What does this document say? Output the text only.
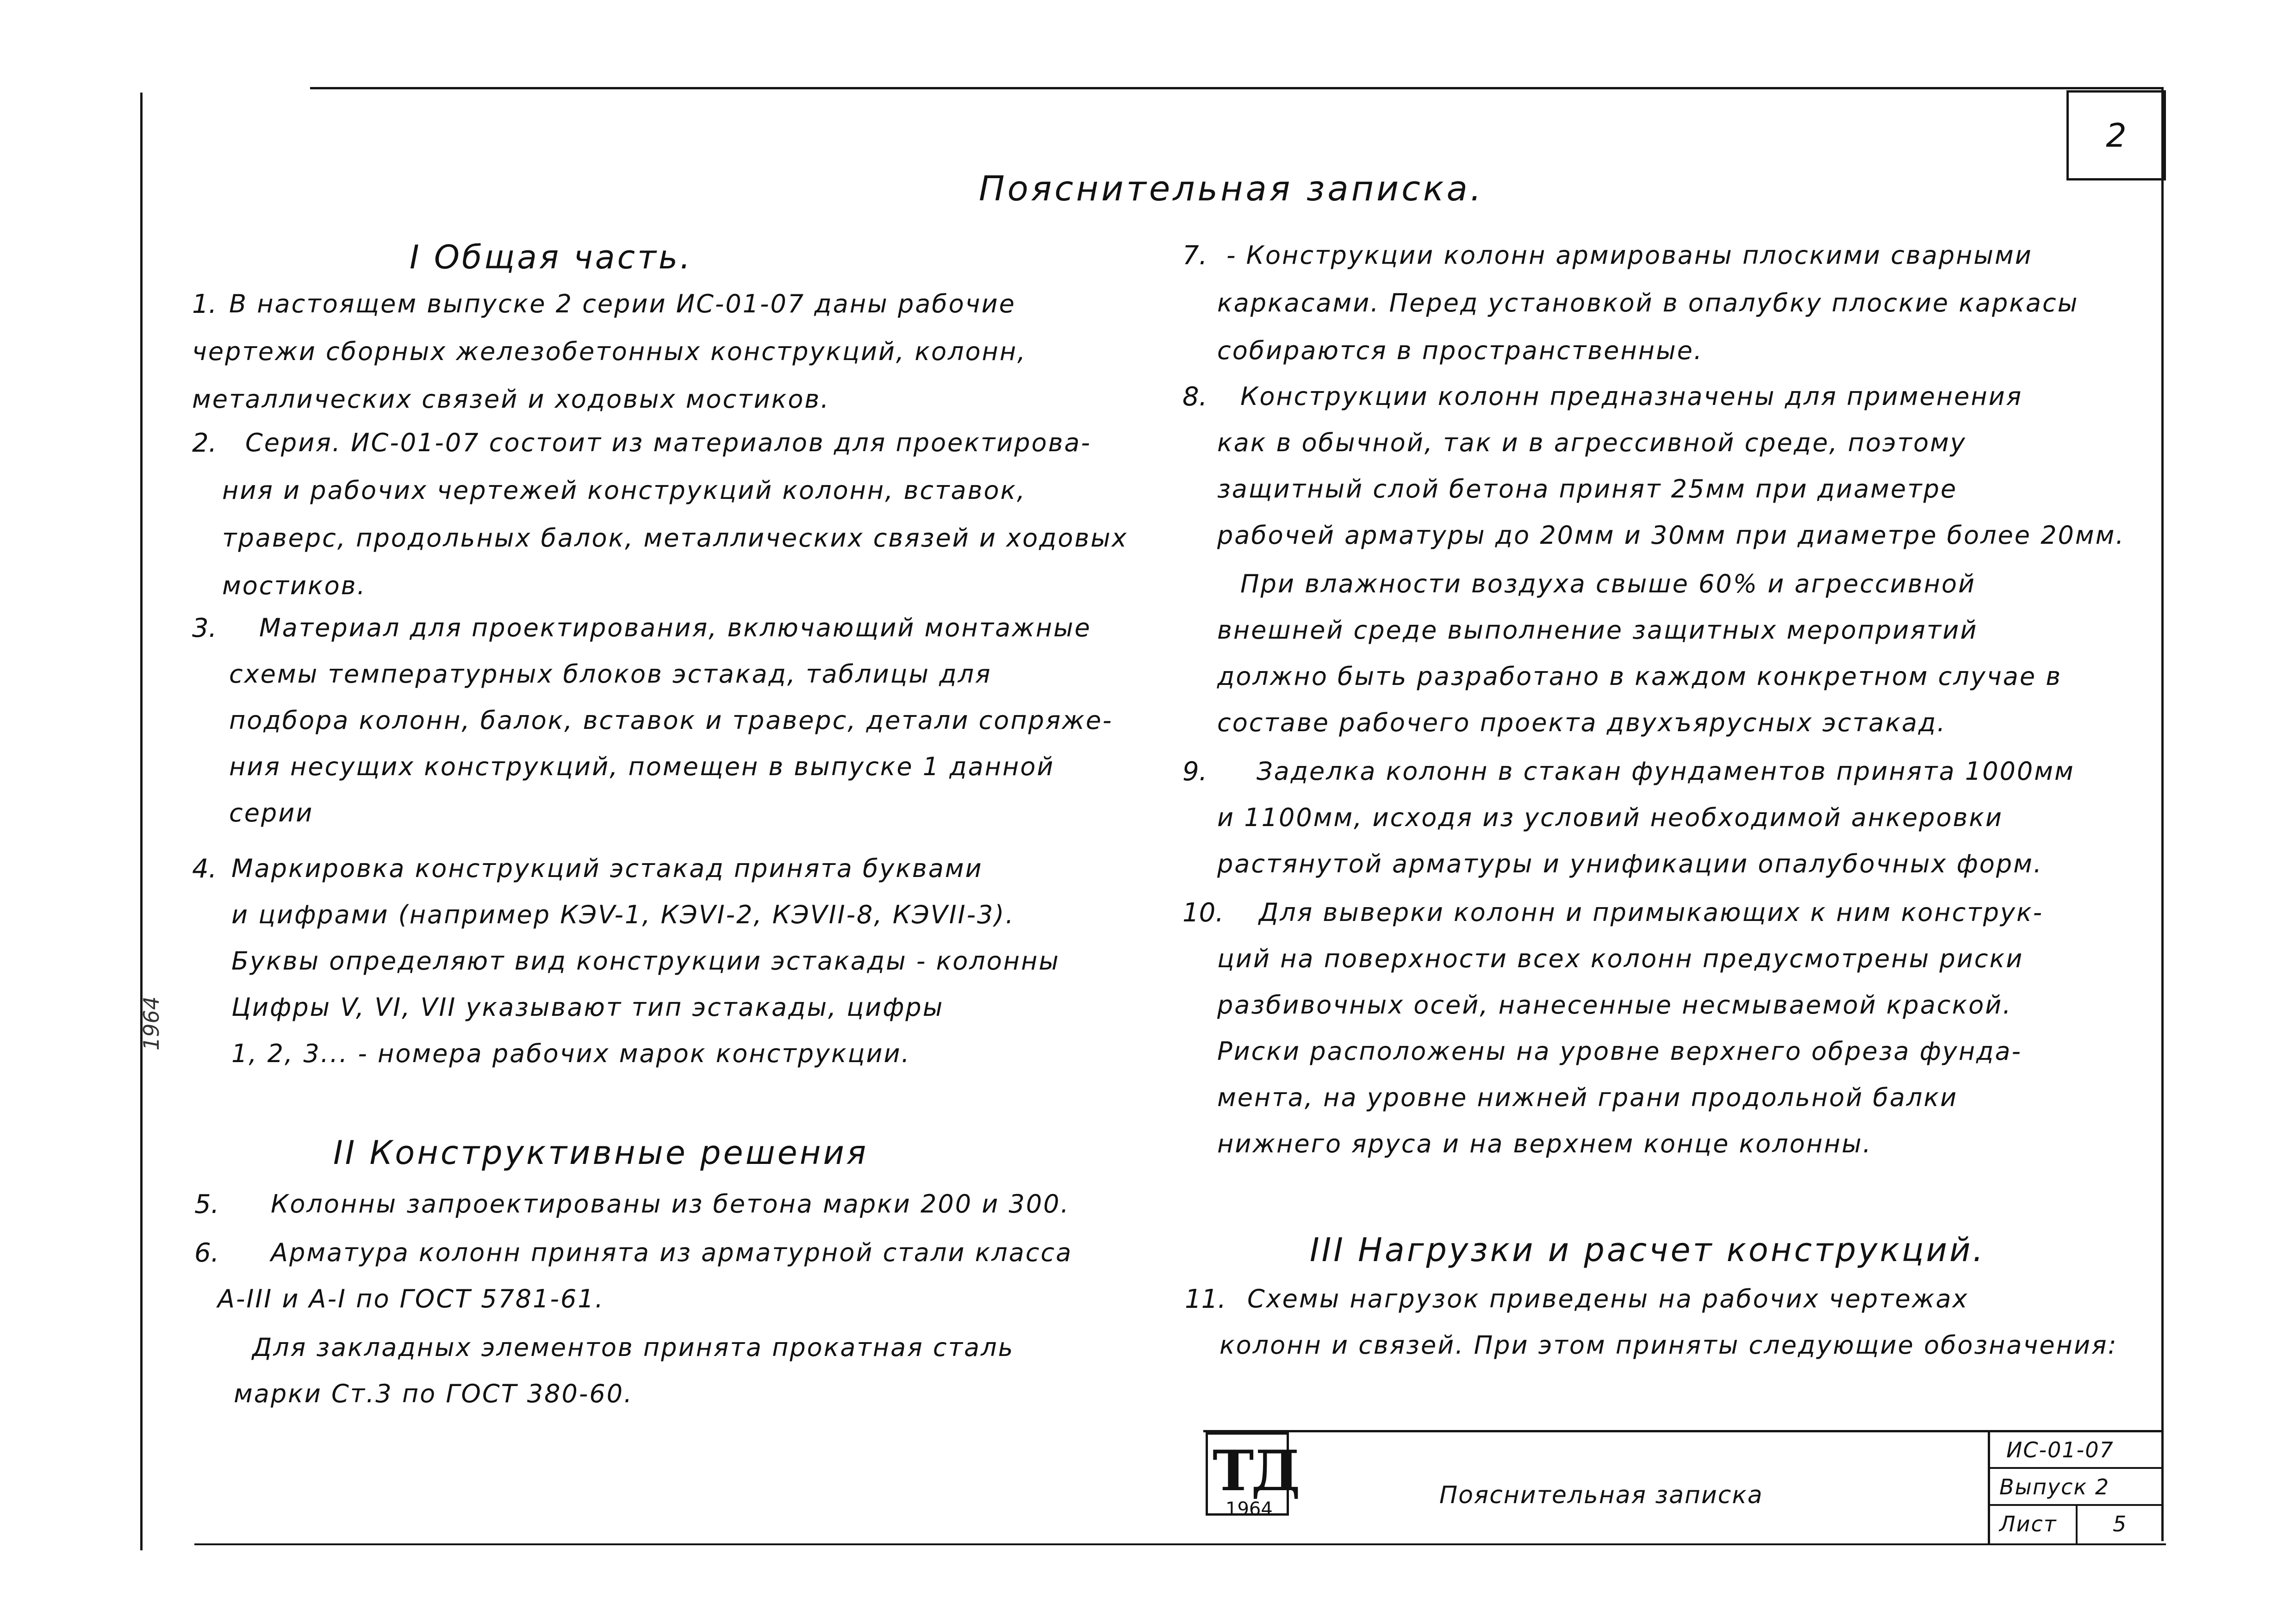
2
Пояснительная записка.
I Общая часть.
1. В настоящем выпуске 2 серии ИС-01-07 даны рабочие
чертежи сборных железобетонных конструкций, колонн,
металлических связей и ходовых мостиков.
2. Серия. ИС-01-07 состоит из материалов для проектирова-
ния и рабочих чертежей конструкций колонн, вставок,
траверс, продольных балок, металлических связей и ходовых
мостиков.
3. Материал для проектирования, включающий монтажные
схемы температурных блоков эстакад, таблицы для
подбора колонн, балок, вставок и траверс, детали сопряже-
ния несущих конструкций, помещен в выпуске 1 данной
серии
4. Маркировка конструкций эстакад принята буквами
и цифрами (например КЭV-1, КЭVI-2, КЭVII-8, КЭVII-3).
Буквы определяют вид конструкции эстакады - колонны
Цифры V, VI, VII указывают тип эстакады, цифры
1, 2, 3... - номера рабочих марок конструкции.
II Конструктивные решения
5. Колонны запроектированы из бетона марки 200 и 300.
6. Арматура колонн принята из арматурной стали класса
А-III и А-I по ГОСТ 5781-61.
Для закладных элементов принята прокатная сталь
марки Ст.3 по ГОСТ 380-60.
7. - Конструкции колонн армированы плоскими сварными
каркасами. Перед установкой в опалубку плоские каркасы
собираются в пространственные.
8. Конструкции колонн предназначены для применения
как в обычной, так и в агрессивной среде, поэтому
защитный слой бетона принят 25мм при диаметре
рабочей арматуры до 20мм и 30мм при диаметре более 20мм.
При влажности воздуха свыше 60% и агрессивной
внешней среде выполнение защитных мероприятий
должно быть разработано в каждом конкретном случае в
составе рабочего проекта двухъярусных эстакад.
9. Заделка колонн в стакан фундаментов принята 1000мм
и 1100мм, исходя из условий необходимой анкеровки
растянутой арматуры и унификации опалубочных форм.
10. Для выверки колонн и примыкающих к ним конструк-
ций на поверхности всех колонн предусмотрены риски
разбивочных осей, нанесенные несмываемой краской.
Риски расположены на уровне верхнего обреза фунда-
мента, на уровне нижней грани продольной балки
нижнего яруса и на верхнем конце колонны.
III Нагрузки и расчет конструкций.
11. Схемы нагрузок приведены на рабочих чертежах
колонн и связей. При этом приняты следующие обозначения:
ТД
1964	Пояснительная записка
ИС-01-07
Выпуск 2
Лист	5
1964
